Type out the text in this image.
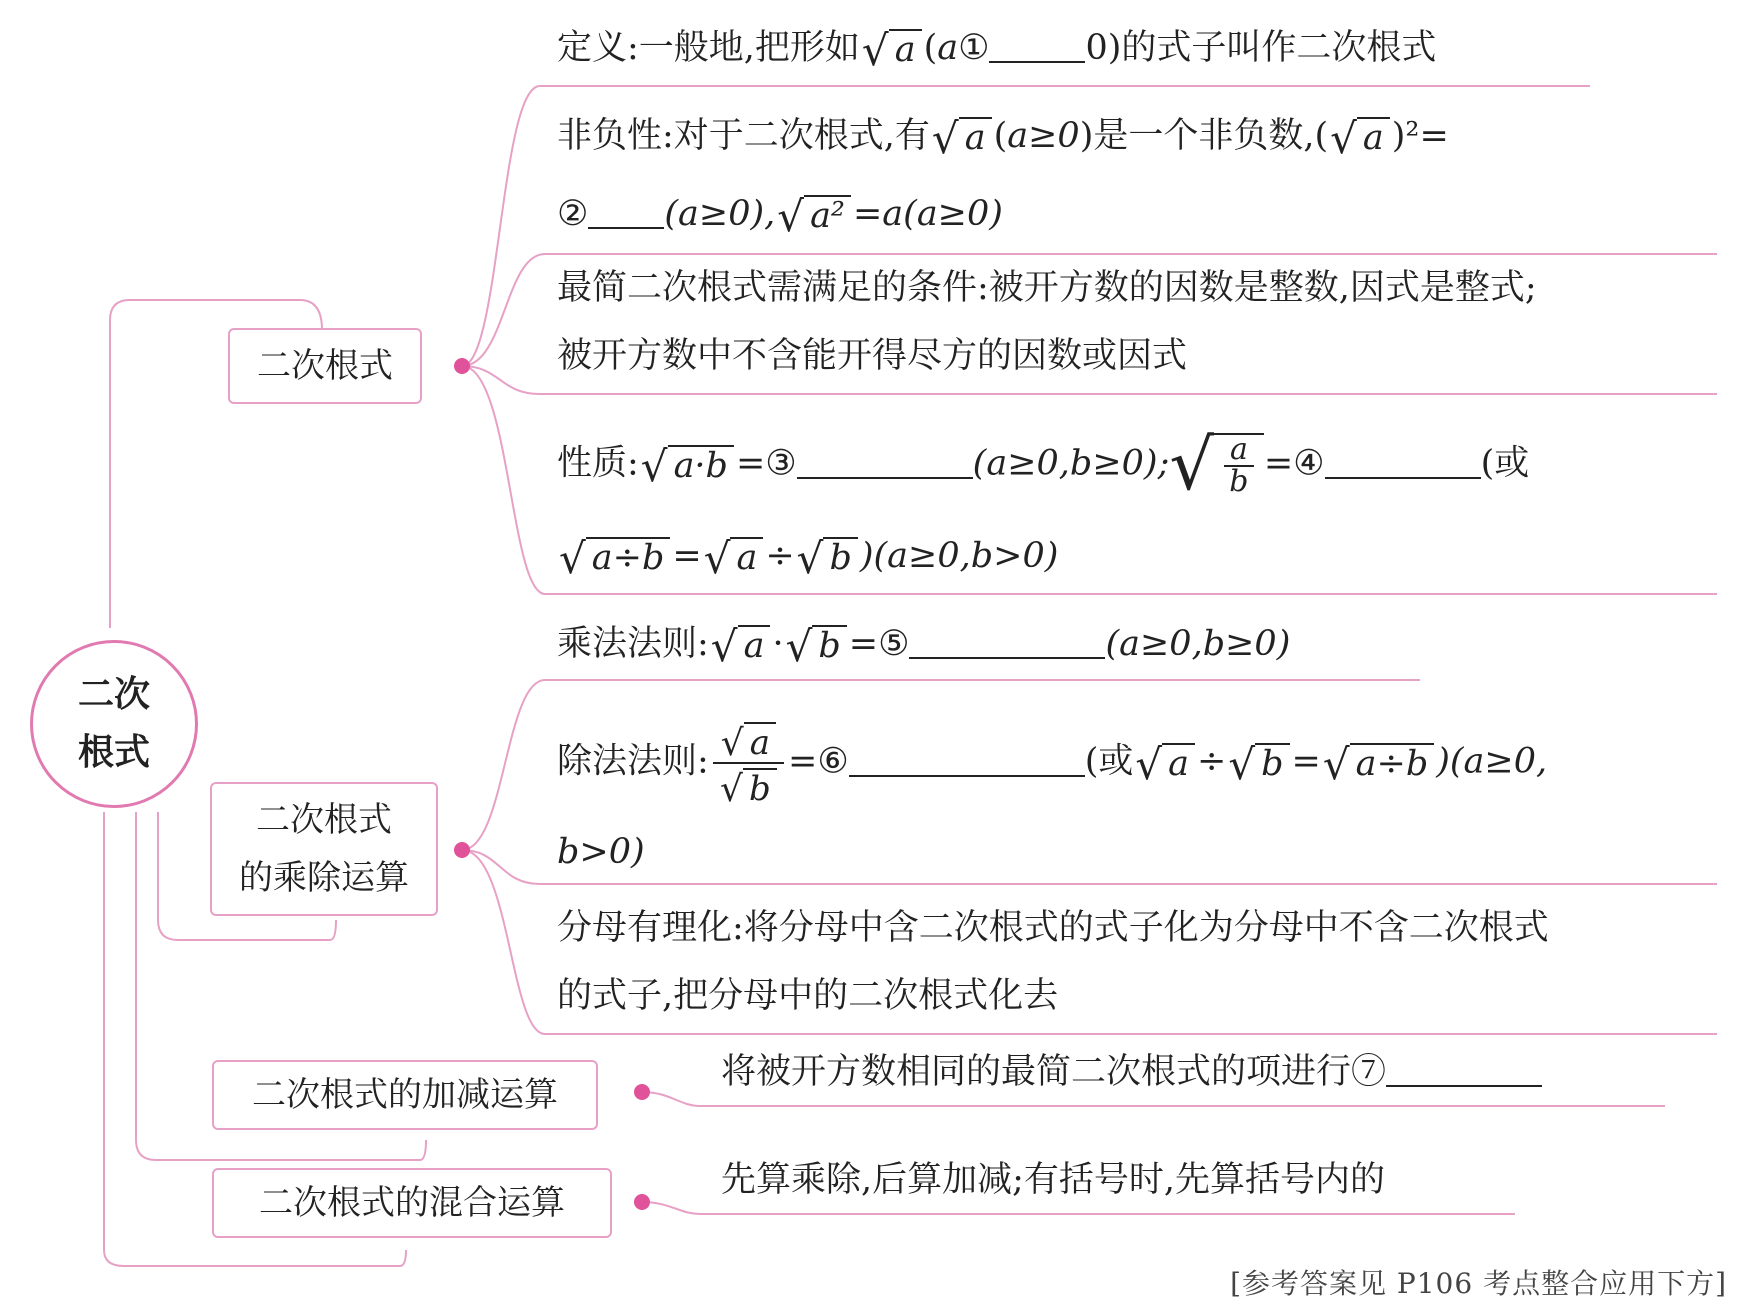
二次
根式
二次根式
定义:一般地,把形如 √ a (a①	0)的式子叫作二次根式
非负性:对于二次根式,有 √ a (a≥0)是一个非负数,( √ a )²=
② (a≥0), √ a² =a(a≥0)
最简二次根式需满足的条件:被开方数的因数是整数,因式是整式;
被开方数中不含能开得尽方的因数或因式
性质: √ a·b =③	(a≥0,b≥0); √ $\frac{a}{b}$ =④	(或
√ a÷b = √ a ÷ √ b )(a≥0,b>0)
二次根式
的乘除运算
乘法法则: √ a · √ b =⑤	(a≥0,b≥0)
除法法则: $\frac{√ a}{√ b}$ =⑥	(或 √ a ÷ √ b = √ a÷b )(a≥0,
b>0)
分母有理化:将分母中含二次根式的式子化为分母中不含二次根式
的式子,把分母中的二次根式化去
二次根式的加减运算
将被开方数相同的最简二次根式的项进行⑦
二次根式的混合运算
先算乘除,后算加减;有括号时,先算括号内的
[参考答案见 P106 考点整合应用下方]
